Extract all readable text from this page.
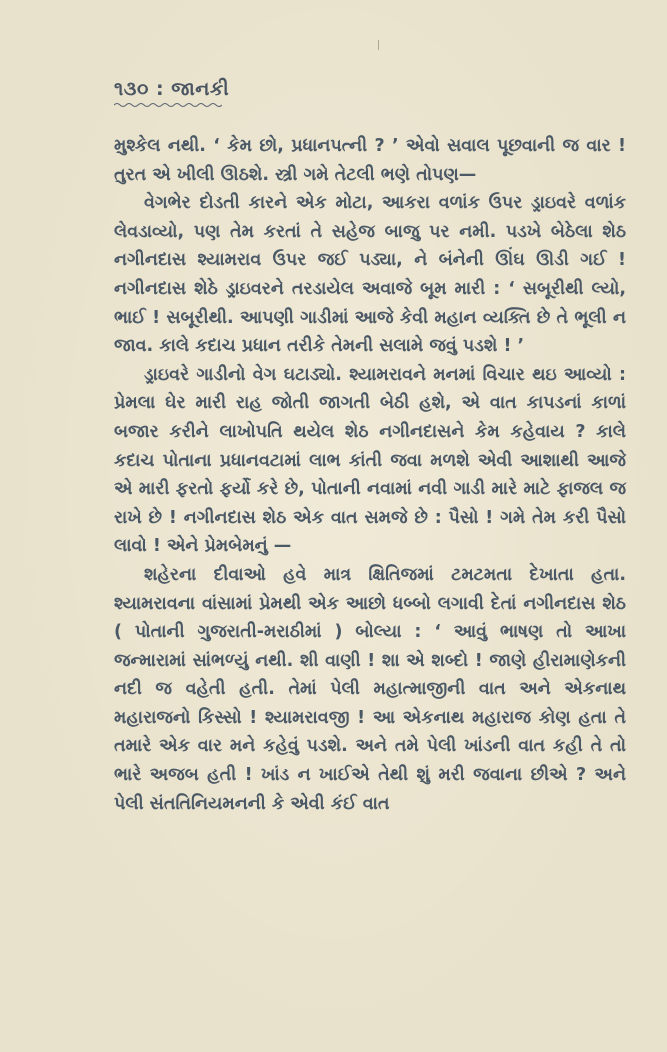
૧૩૦ : જાનકી

મુશ્કેલ નથી. ‘ કેમ છો, પ્રધાનપત્ની ? ’ એવો સવાલ પૂછવાની જ વાર ! તુરત એ ખીલી ઊઠશે. સ્ત્રી ગમે તેટલી ભણે તોપણ—

વેગભેર દોડતી કારને એક મોટા, આકરા વળાંક ઉપર ડ્રાઇવરે વળાંક લેવડાવ્યો, પણ તેમ કરતાં તે સહેજ બાજુ પર નમી. પડખે બેઠેલા શેઠ નગીનદાસ શ્યામરાવ ઉપર જઈ પડ્યા, ને બંનેની ઊંઘ ઊડી ગઈ ! નગીનદાસ શેઠે ડ્રાઇવરને તરડાયેલ અવાજે બૂમ મારી : ‘ સબૂરીથી લ્યો, ભાઈ ! સબૂરીથી. આપણી ગાડીમાં આજે કેવી મહાન વ્યક્તિ છે તે ભૂલી ન જાવ. કાલે કદાચ પ્રધાન તરીકે તેમની સલામે જવું પડશે ! ’

ડ્રાઇવરે ગાડીનો વેગ ઘટાડ્યો. શ્યામરાવને મનમાં વિચાર થઇ આવ્યો : પ્રેમલા ઘેર મારી રાહ જોતી જાગતી બેઠી હશે, એ વાત કાપડનાં કાળાં બજાર કરીને લાખોપતિ થયેલ શેઠ નગીનદાસને કેમ કહેવાય ? કાલે કદાચ પોતાના પ્રધાનવટામાં લાભ કાંતી જવા મળશે એવી આશાથી આજે એ મારી ફરતો ફર્યો કરે છે, પોતાની નવામાં નવી ગાડી મારે માટે ફાજલ જ રાખે છે ! નગીનદાસ શેઠ એક વાત સમજે છે : પૈસો ! ગમે તેમ કરી પૈસો લાવો ! એને પ્રેમબેમનું —

શહેરના દીવાઓ હવે માત્ર ક્ષિતિજમાં ટમટમતા દેખાતા હતા. શ્યામરાવના વાંસામાં પ્રેમથી એક આછો ધબ્બો લગાવી દેતાં નગીનદાસ શેઠ ( પોતાની ગુજરાતી-મરાઠીમાં ) બોલ્યા : ‘ આવું ભાષણ તો આખા જન્મારામાં સાંભળ્યું નથી. શી વાણી ! શા એ શબ્દો ! જાણે હીરામાણેકની નદી જ વહેતી હતી. તેમાં પેલી મહાત્માજીની વાત અને એકનાથ મહારાજનો કિસ્સો ! શ્યામરાવજી ! આ એકનાથ મહારાજ કોણ હતા તે તમારે એક વાર મને કહેવું પડશે. અને તમે પેલી ખાંડની વાત કહી તે તો ભારે અજબ હતી ! ખાંડ ન ખાઈએ તેથી શું મરી જવાના છીએ ? અને પેલી સંતતિનિયમનની કે એવી કંઈ વાત
